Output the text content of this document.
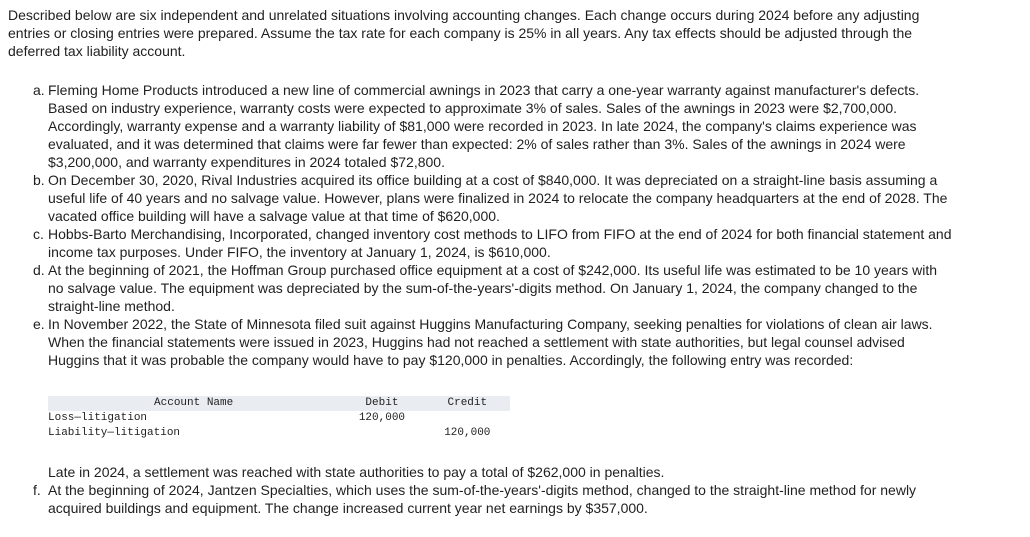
Described below are six independent and unrelated situations involving accounting changes. Each change occurs during 2024 before any adjusting entries or closing entries were prepared. Assume the tax rate for each company is 25% in all years. Any tax effects should be adjusted through the deferred tax liability account.

a. Fleming Home Products introduced a new line of commercial awnings in 2023 that carry a one-year warranty against manufacturer's defects. Based on industry experience, warranty costs were expected to approximate 3% of sales. Sales of the awnings in 2023 were $2,700,000. Accordingly, warranty expense and a warranty liability of $81,000 were recorded in 2023. In late 2024, the company's claims experience was evaluated, and it was determined that claims were far fewer than expected: 2% of sales rather than 3%. Sales of the awnings in 2024 were $3,200,000, and warranty expenditures in 2024 totaled $72,800.
b. On December 30, 2020, Rival Industries acquired its office building at a cost of $840,000. It was depreciated on a straight-line basis assuming a useful life of 40 years and no salvage value. However, plans were finalized in 2024 to relocate the company headquarters at the end of 2028. The vacated office building will have a salvage value at that time of $620,000.
c. Hobbs-Barto Merchandising, Incorporated, changed inventory cost methods to LIFO from FIFO at the end of 2024 for both financial statement and income tax purposes. Under FIFO, the inventory at January 1, 2024, is $610,000.
d. At the beginning of 2021, the Hoffman Group purchased office equipment at a cost of $242,000. Its useful life was estimated to be 10 years with no salvage value. The equipment was depreciated by the sum-of-the-years'-digits method. On January 1, 2024, the company changed to the straight-line method.
e. In November 2022, the State of Minnesota filed suit against Huggins Manufacturing Company, seeking penalties for violations of clean air laws. When the financial statements were issued in 2023, Huggins had not reached a settlement with state authorities, but legal counsel advised Huggins that it was probable the company would have to pay $120,000 in penalties. Accordingly, the following entry was recorded:
Account Name	Debit	Credit
Loss—litigation	120,000	
Liability—litigation		120,000
Late in 2024, a settlement was reached with state authorities to pay a total of $262,000 in penalties.
f. At the beginning of 2024, Jantzen Specialties, which uses the sum-of-the-years'-digits method, changed to the straight-line method for newly acquired buildings and equipment. The change increased current year net earnings by $357,000.
